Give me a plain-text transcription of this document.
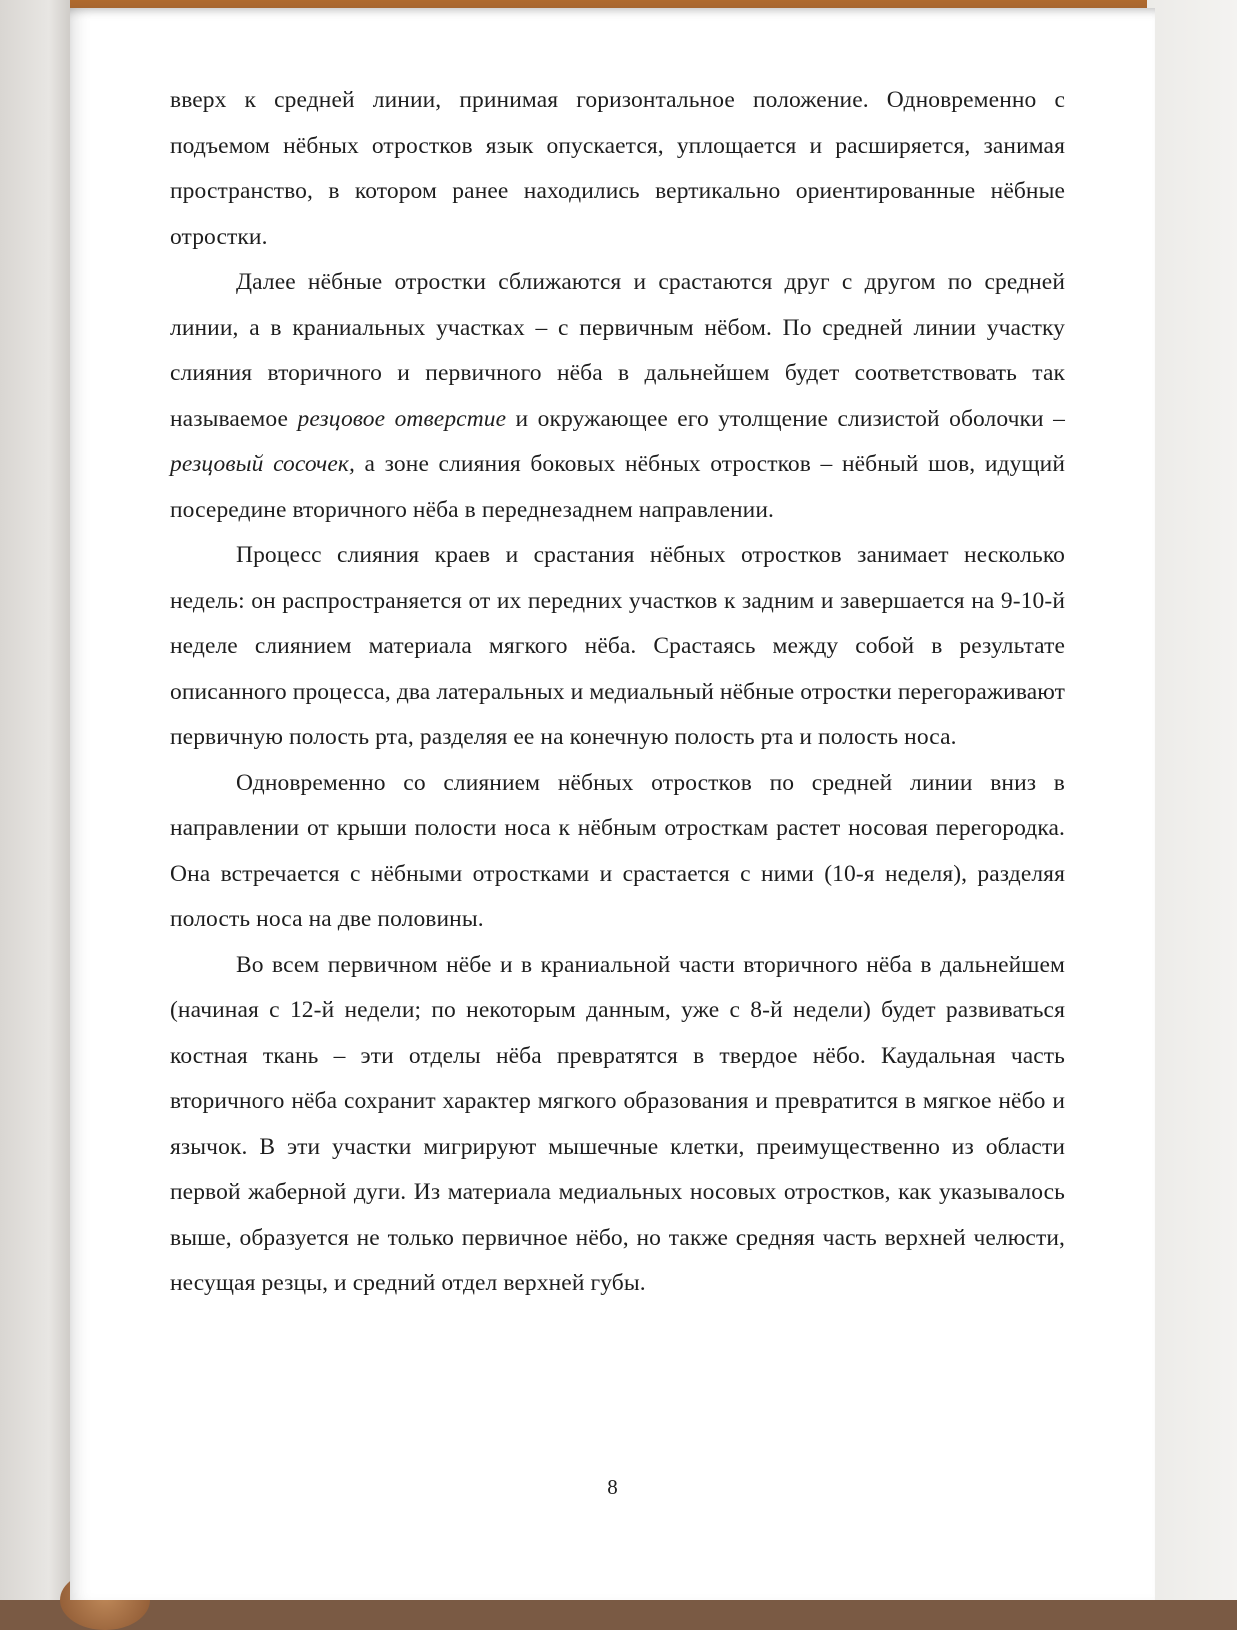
вверх к средней линии, принимая горизонтальное положение. Одновременно с подъемом нёбных отростков язык опускается, уплощается и расширяется, занимая пространство, в котором ранее находились вертикально ориентированные нёбные отростки.

Далее нёбные отростки сближаются и срастаются друг с другом по средней линии, а в краниальных участках – с первичным нёбом. По средней линии участку слияния вторичного и первичного нёба в дальнейшем будет соответствовать так называемое резцовое отверстие и окружающее его утолщение слизистой оболочки – резцовый сосочек, а зоне слияния боковых нёбных отростков – нёбный шов, идущий посередине вторичного нёба в переднезаднем направлении.

Процесс слияния краев и срастания нёбных отростков занимает несколько недель: он распространяется от их передних участков к задним и завершается на 9-10-й неделе слиянием материала мягкого нёба. Срастаясь между собой в результате описанного процесса, два латеральных и медиальный нёбные отростки перегораживают первичную полость рта, разделяя ее на конечную полость рта и полость носа.

Одновременно со слиянием нёбных отростков по средней линии вниз в направлении от крыши полости носа к нёбным отросткам растет носовая перегородка. Она встречается с нёбными отростками и срастается с ними (10-я неделя), разделяя полость носа на две половины.

Во всем первичном нёбе и в краниальной части вторичного нёба в дальнейшем (начиная с 12-й недели; по некоторым данным, уже с 8-й недели) будет развиваться костная ткань – эти отделы нёба превратятся в твердое нёбо. Каудальная часть вторичного нёба сохранит характер мягкого образования и превратится в мягкое нёбо и язычок. В эти участки мигрируют мышечные клетки, преимущественно из области первой жаберной дуги. Из материала медиальных носовых отростков, как указывалось выше, образуется не только первичное нёбо, но также средняя часть верхней челюсти, несущая резцы, и средний отдел верхней губы.

8
